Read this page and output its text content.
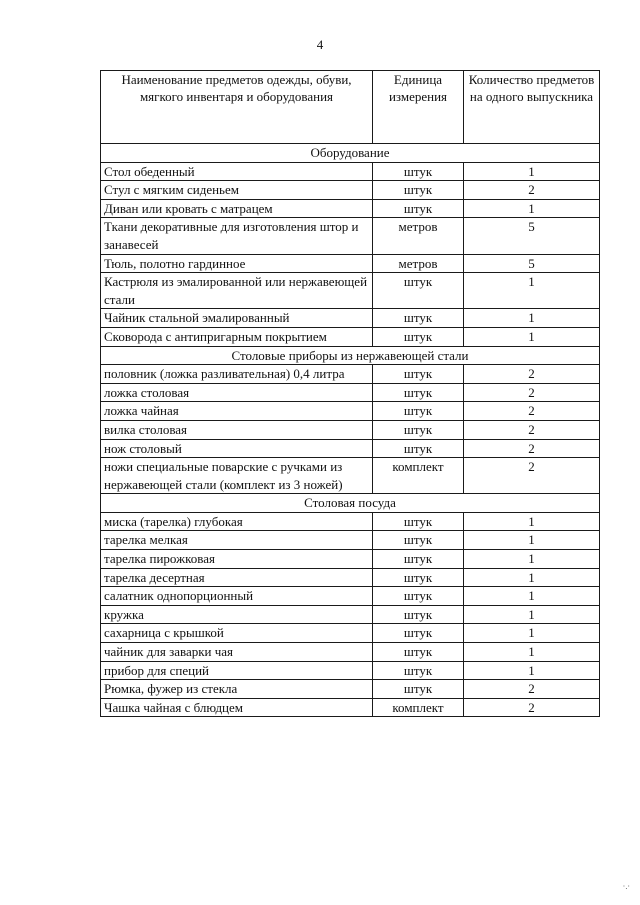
4
Наименование предметов одежды, обуви, мягкого инвентаря и оборудования	Единица измерения	Количество предметов на одного выпускника
Оборудование		
Стол обеденный	штук	1
Стул с мягким сиденьем	штук	2
Диван или кровать с матрацем	штук	1
Ткани декоративные для изготовления штор и занавесей	метров	5
Тюль, полотно гардинное	метров	5
Кастрюля из эмалированной или нержавеющей стали	штук	1
Чайник стальной эмалированный	штук	1
Сковорода с антипригарным покрытием	штук	1
Столовые приборы из нержавеющей стали		
половник (ложка разливательная) 0,4 литра	штук	2
ложка столовая	штук	2
ложка чайная	штук	2
вилка столовая	штук	2
нож столовый	штук	2
ножи специальные поварские с ручками из нержавеющей стали (комплект из 3 ножей)	комплект	2
Столовая посуда		
миска (тарелка) глубокая	штук	1
тарелка мелкая	штук	1
тарелка пирожковая	штук	1
тарелка десертная	штук	1
салатник однопорционный	штук	1
кружка	штук	1
сахарница с крышкой	штук	1
чайник для заварки чая	штук	1
прибор для специй	штук	1
Рюмка, фужер из стекла	штук	2
Чашка чайная с блюдцем	комплект	2
·.·
